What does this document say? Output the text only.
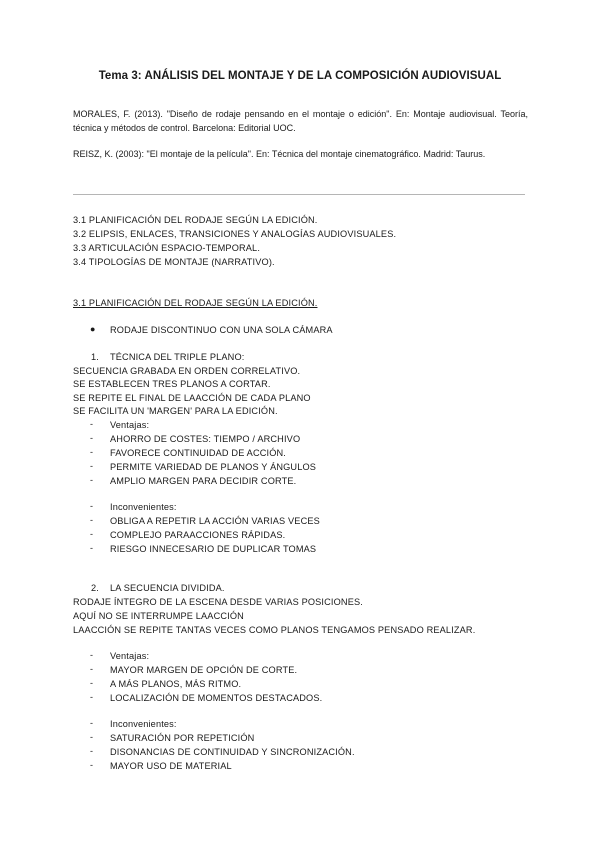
Tema 3: ANÁLISIS DEL MONTAJE Y DE LA COMPOSICIÓN AUDIOVISUAL
MORALES, F. (2013). "Diseño de rodaje pensando en el montaje o edición". En: Montaje audiovisual. Teoría, técnica y métodos de control. Barcelona: Editorial UOC.
REISZ, K. (2003): "El montaje de la película". En: Técnica del montaje cinematográfico. Madrid: Taurus.
3.1 PLANIFICACIÓN DEL RODAJE SEGÚN LA EDICIÓN.
3.2 ELIPSIS, ENLACES, TRANSICIONES Y ANALOGÍAS AUDIOVISUALES.
3.3 ARTICULACIÓN ESPACIO-TEMPORAL.
3.4 TIPOLOGÍAS DE MONTAJE (NARRATIVO).
3.1 PLANIFICACIÓN DEL RODAJE SEGÚN LA EDICIÓN.
● RODAJE DISCONTINUO CON UNA SOLA CÁMARA
1. TÉCNICA DEL TRIPLE PLANO:
SECUENCIA GRABADA EN ORDEN CORRELATIVO.
SE ESTABLECEN TRES PLANOS A CORTAR.
SE REPITE EL FINAL DE LAACCIÓN DE CADA PLANO
SE FACILITA UN 'MARGEN' PARA LA EDICIÓN.
- Ventajas:
- AHORRO DE COSTES: TIEMPO / ARCHIVO
- FAVORECE CONTINUIDAD DE ACCIÓN.
- PERMITE VARIEDAD DE PLANOS Y ÁNGULOS
- AMPLIO MARGEN PARA DECIDIR CORTE.
- Inconvenientes:
- OBLIGA A REPETIR LA ACCIÓN VARIAS VECES
- COMPLEJO PARAACCIONES RÁPIDAS.
- RIESGO INNECESARIO DE DUPLICAR TOMAS
2. LA SECUENCIA DIVIDIDA.
RODAJE ÍNTEGRO DE LA ESCENA DESDE VARIAS POSICIONES.
AQUÍ NO SE INTERRUMPE LAACCIÓN
LAACCIÓN SE REPITE TANTAS VECES COMO PLANOS TENGAMOS PENSADO REALIZAR.
- Ventajas:
- MAYOR MARGEN DE OPCIÓN DE CORTE.
- A MÁS PLANOS, MÁS RITMO.
- LOCALIZACIÓN DE MOMENTOS DESTACADOS.
- Inconvenientes:
- SATURACIÓN POR REPETICIÓN
- DISONANCIAS DE CONTINUIDAD Y SINCRONIZACIÓN.
- MAYOR USO DE MATERIAL
